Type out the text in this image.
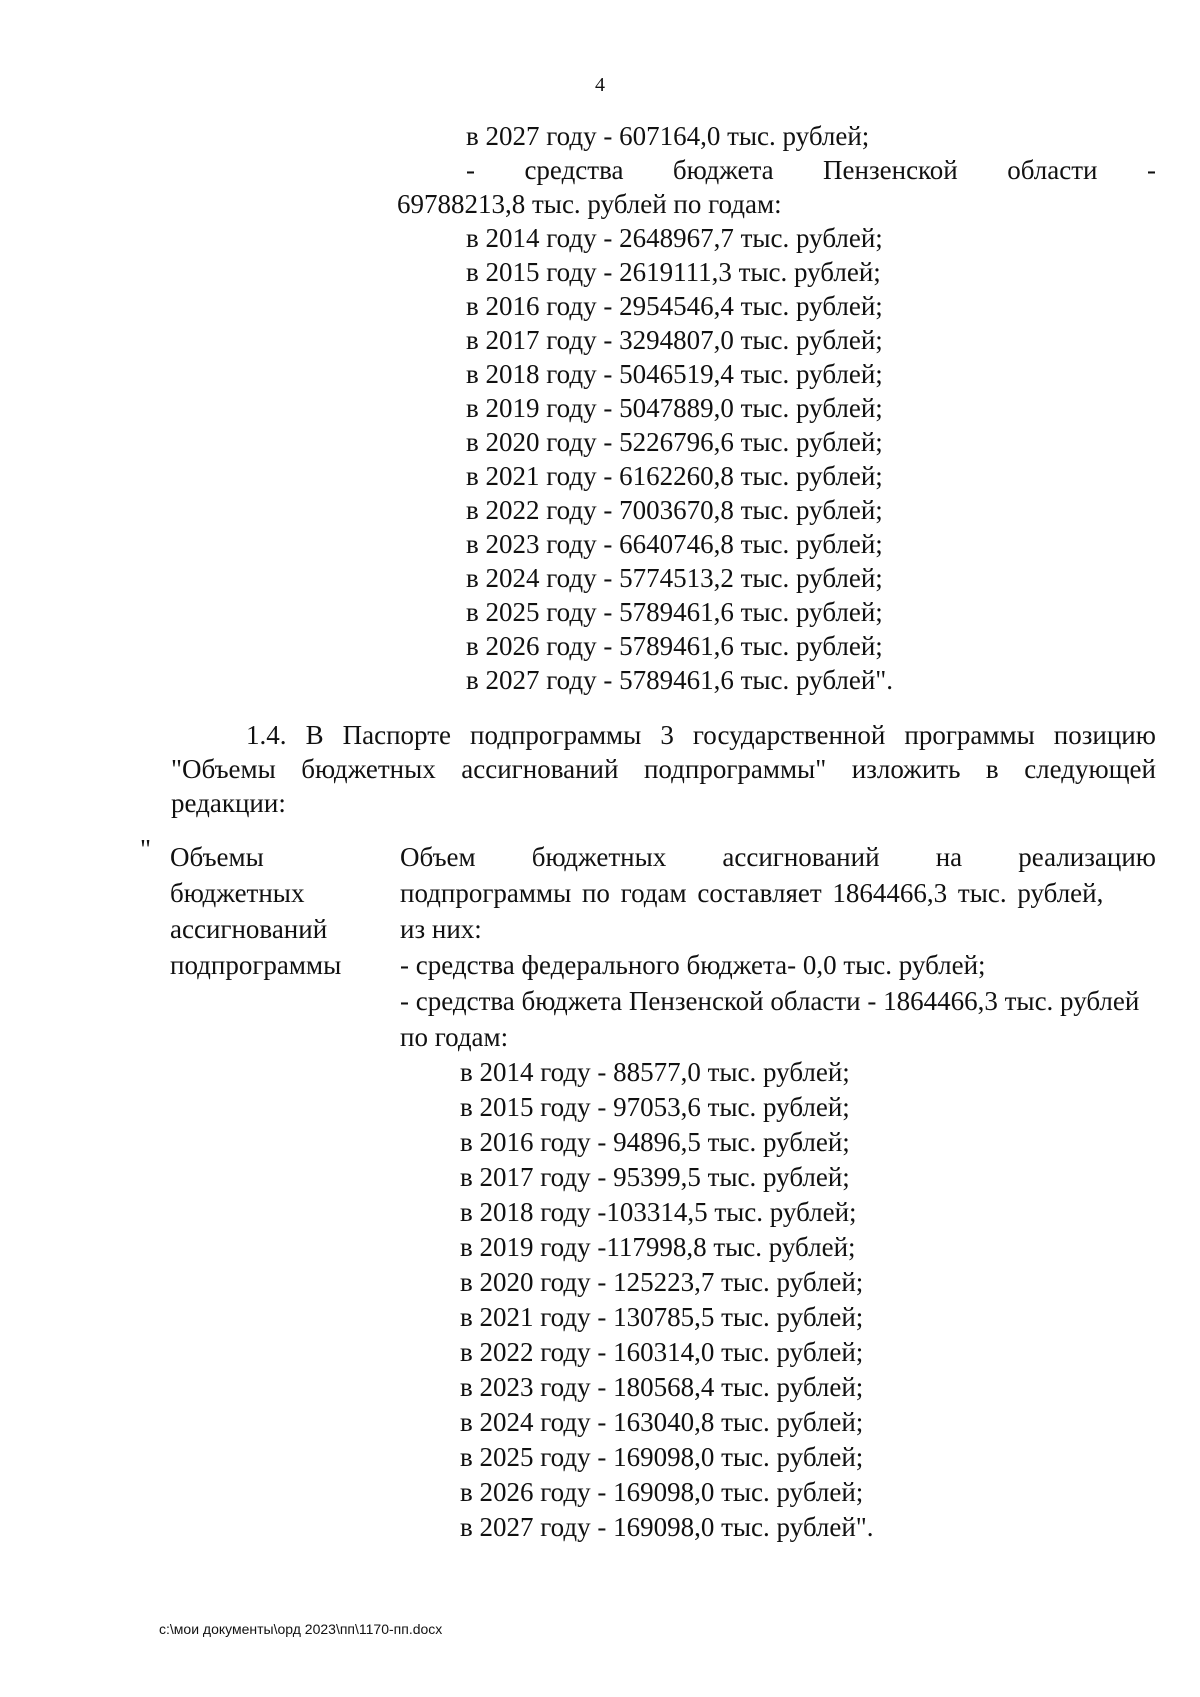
4
в 2027 году - 607164,0 тыс. рублей;
- средства бюджета Пензенской области -
69788213,8 тыс. рублей по годам:
в 2014 году - 2648967,7 тыс. рублей;
в 2015 году - 2619111,3 тыс. рублей;
в 2016 году - 2954546,4 тыс. рублей;
в 2017 году - 3294807,0 тыс. рублей;
в 2018 году - 5046519,4 тыс. рублей;
в 2019 году - 5047889,0 тыс. рублей;
в 2020 году - 5226796,6 тыс. рублей;
в 2021 году - 6162260,8 тыс. рублей;
в 2022 году - 7003670,8 тыс. рублей;
в 2023 году - 6640746,8 тыс. рублей;
в 2024 году - 5774513,2 тыс. рублей;
в 2025 году - 5789461,6 тыс. рублей;
в 2026 году - 5789461,6 тыс. рублей;
в 2027 году - 5789461,6 тыс. рублей".
1.4. В Паспорте подпрограммы 3 государственной программы позицию
"Объемы бюджетных ассигнований подпрограммы" изложить в следующей
редакции:
" Объемы
бюджетных
ассигнований
подпрограммы
Объем бюджетных ассигнований на реализацию
подпрограммы по годам составляет 1864466,3 тыс. рублей,
из них:
- средства федерального бюджета- 0,0 тыс. рублей;
- средства бюджета Пензенской области - 1864466,3 тыс. рублей
по годам:
в 2014 году - 88577,0 тыс. рублей;
в 2015 году - 97053,6 тыс. рублей;
в 2016 году - 94896,5 тыс. рублей;
в 2017 году - 95399,5 тыс. рублей;
в 2018 году -103314,5 тыс. рублей;
в 2019 году -117998,8 тыс. рублей;
в 2020 году - 125223,7 тыс. рублей;
в 2021 году - 130785,5 тыс. рублей;
в 2022 году - 160314,0 тыс. рублей;
в 2023 году - 180568,4 тыс. рублей;
в 2024 году - 163040,8 тыс. рублей;
в 2025 году - 169098,0 тыс. рублей;
в 2026 году - 169098,0 тыс. рублей;
в 2027 году - 169098,0 тыс. рублей".
c:\мои документы\орд 2023\пп\1170-пп.docx
